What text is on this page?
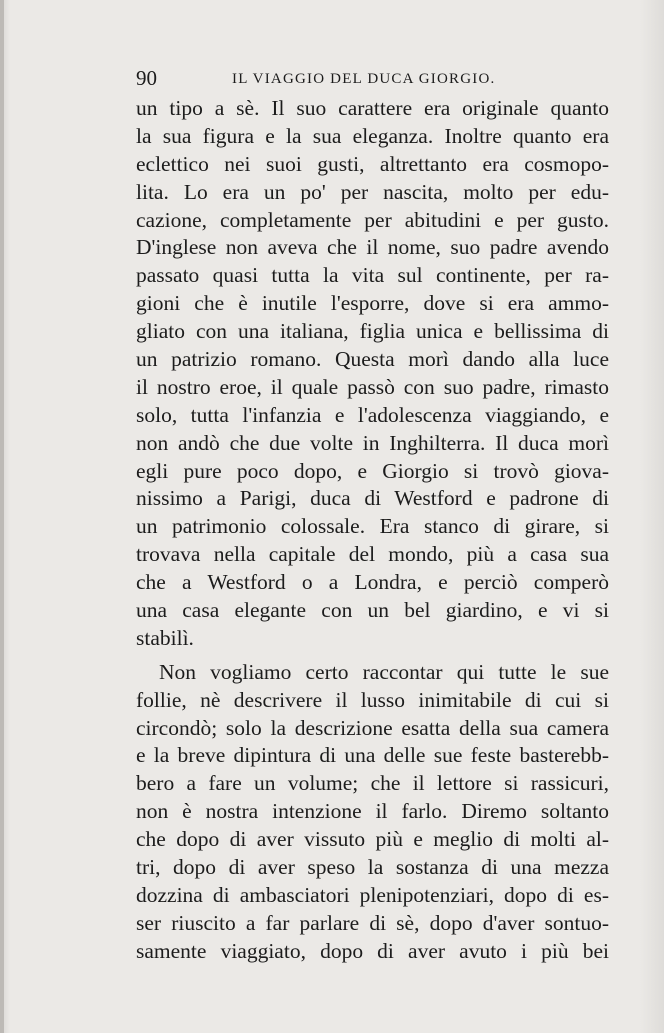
90	IL VIAGGIO DEL DUCA GIORGIO.
un tipo a sè. Il suo carattere era originale quanto
la sua figura e la sua eleganza. Inoltre quanto era
eclettico nei suoi gusti, altrettanto era cosmopo-
lita. Lo era un po' per nascita, molto per edu-
cazione, completamente per abitudini e per gusto.
D'inglese non aveva che il nome, suo padre avendo
passato quasi tutta la vita sul continente, per ra-
gioni che è inutile l'esporre, dove si era ammo-
gliato con una italiana, figlia unica e bellissima di
un patrizio romano. Questa morì dando alla luce
il nostro eroe, il quale passò con suo padre, rimasto
solo, tutta l'infanzia e l'adolescenza viaggiando, e
non andò che due volte in Inghilterra. Il duca morì
egli pure poco dopo, e Giorgio si trovò giova-
nissimo a Parigi, duca di Westford e padrone di
un patrimonio colossale. Era stanco di girare, si
trovava nella capitale del mondo, più a casa sua
che a Westford o a Londra, e perciò comperò
una casa elegante con un bel giardino, e vi si
stabilì.
Non vogliamo certo raccontar qui tutte le sue
follie, nè descrivere il lusso inimitabile di cui si
circondò; solo la descrizione esatta della sua camera
e la breve dipintura di una delle sue feste basterebb-
bero a fare un volume; che il lettore si rassicuri,
non è nostra intenzione il farlo. Diremo soltanto
che dopo di aver vissuto più e meglio di molti al-
tri, dopo di aver speso la sostanza di una mezza
dozzina di ambasciatori plenipotenziari, dopo di es-
ser riuscito a far parlare di sè, dopo d'aver sontuo-
samente viaggiato, dopo di aver avuto i più bei
